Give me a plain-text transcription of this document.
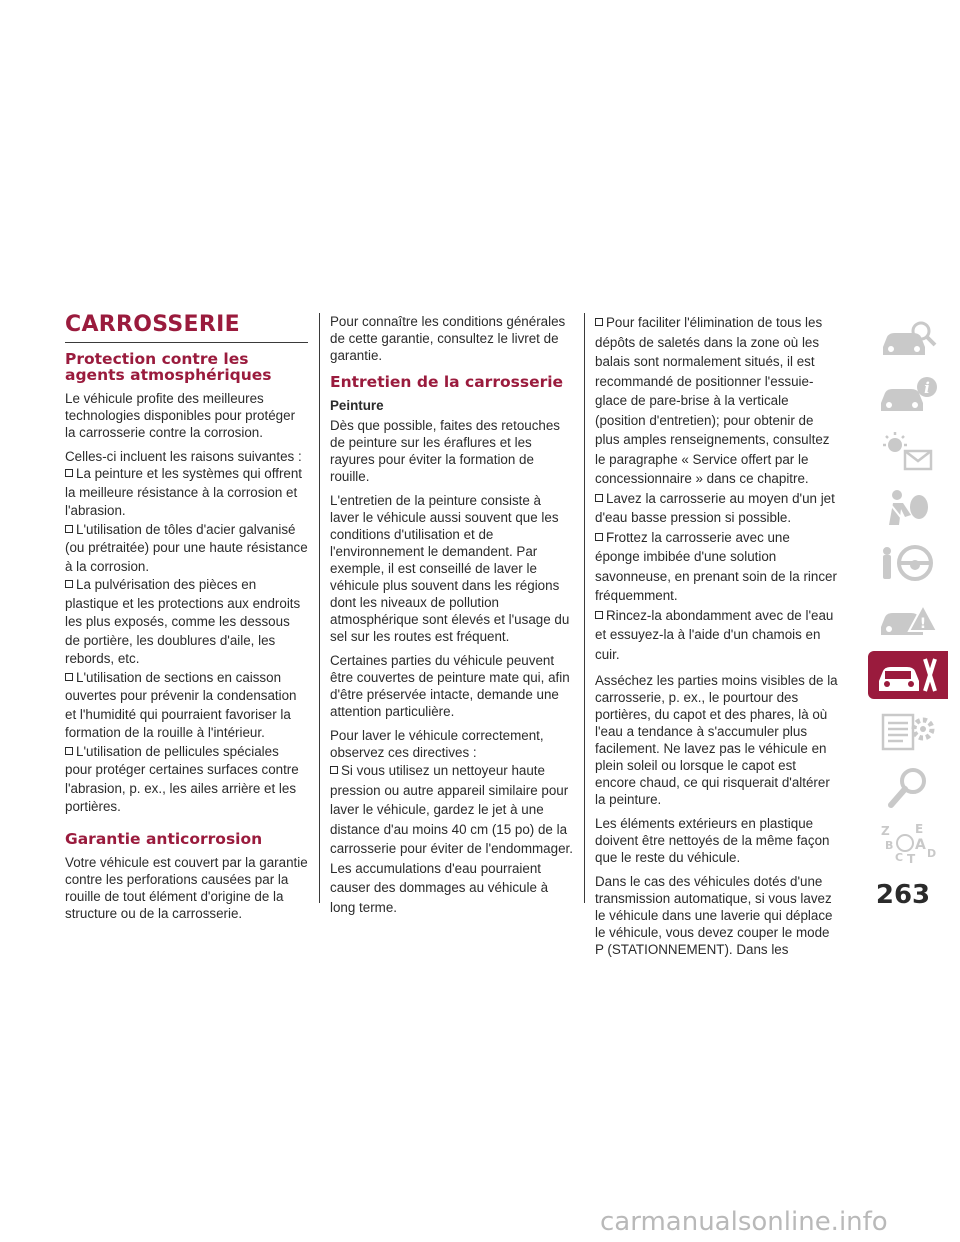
CARROSSERIE
Protection contre les agents atmosphériques

Le véhicule profite des meilleures technologies disponibles pour protéger la carrosserie contre la corrosion.

Celles-ci incluent les raisons suivantes :

La peinture et les systèmes qui offrent la meilleure résistance à la corrosion et l'abrasion.
L'utilisation de tôles d'acier galvanisé (ou prétraitée) pour une haute résistance à la corrosion.
La pulvérisation des pièces en plastique et les protections aux endroits les plus exposés, comme les dessous de portière, les doublures d'aile, les rebords, etc.
L'utilisation de sections en caisson ouvertes pour prévenir la condensation et l'humidité qui pourraient favoriser la formation de la rouille à l'intérieur.
L'utilisation de pellicules spéciales pour protéger certaines surfaces contre l'abrasion, p. ex., les ailes arrière et les portières.
Garantie anticorrosion

Votre véhicule est couvert par la garantie contre les perforations causées par la rouille de tout élément d'origine de la structure ou de la carrosserie.

Pour connaître les conditions générales de cette garantie, consultez le livret de garantie.

Entretien de la carrosserie
Peinture

Dès que possible, faites des retouches de peinture sur les éraflures et les rayures pour éviter la formation de rouille.

L'entretien de la peinture consiste à laver le véhicule aussi souvent que les conditions d'utilisation et de l'environnement le demandent. Par exemple, il est conseillé de laver le véhicule plus souvent dans les régions dont les niveaux de pollution atmosphérique sont élevés et l'usage du sel sur les routes est fréquent.

Certaines parties du véhicule peuvent être couvertes de peinture mate qui, afin d'être préservée intacte, demande une attention particulière.

Pour laver le véhicule correctement, observez ces directives :

Si vous utilisez un nettoyeur haute pression ou autre appareil similaire pour laver le véhicule, gardez le jet à une distance d'au moins 40 cm (15 po) de la carrosserie pour éviter de l'endommager. Les accumulations d'eau pourraient causer des dommages au véhicule à long terme.
Pour faciliter l'élimination de tous les dépôts de saletés dans la zone où les balais sont normalement situés, il est recommandé de positionner l'essuie-glace de pare-brise à la verticale (position d'entretien); pour obtenir de plus amples renseignements, consultez le paragraphe « Service offert par le concessionnaire » dans ce chapitre.
Lavez la carrosserie au moyen d'un jet d'eau basse pression si possible.
Frottez la carrosserie avec une éponge imbibée d'une solution savonneuse, en prenant soin de la rincer fréquemment.
Rincez-la abondamment avec de l'eau et essuyez-la à l'aide d'un chamois en cuir.

Asséchez les parties moins visibles de la carrosserie, p. ex., le pourtour des portières, du capot et des phares, là où l'eau a tendance à s'accumuler plus facilement. Ne lavez pas le véhicule en plein soleil ou lorsque le capot est encore chaud, ce qui risquerait d'altérer la peinture.

Les éléments extérieurs en plastique doivent être nettoyés de la même façon que le reste du véhicule.

Dans le cas des véhicules dotés d'une transmission automatique, si vous lavez le véhicule dans une laverie qui déplace le véhicule, vous devez couper le mode P (STATIONNEMENT). Dans les

i
!
Z E
A
B
C T D
263
carmanualsonline.info
